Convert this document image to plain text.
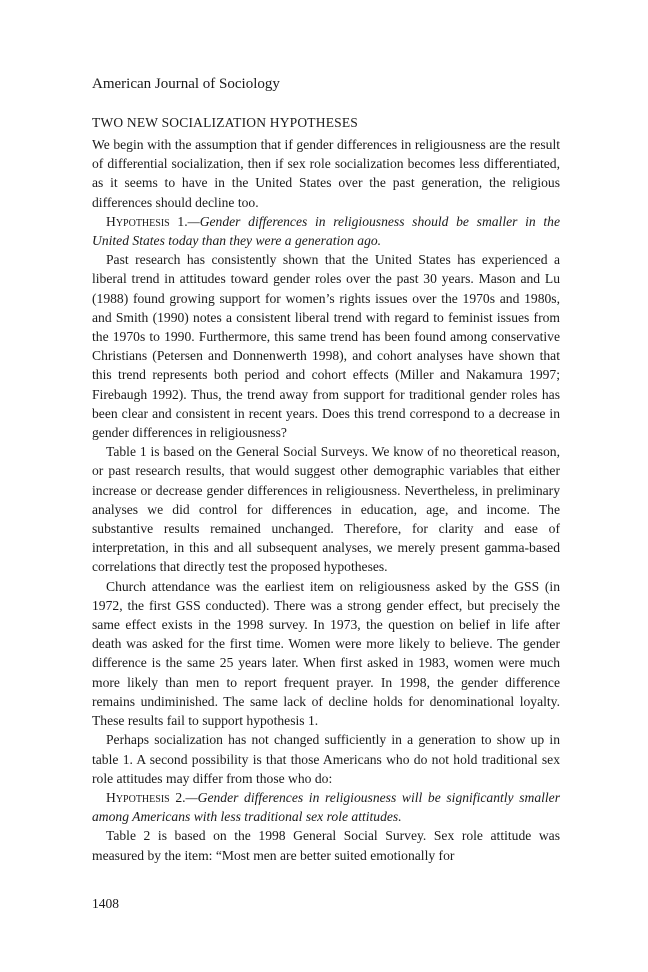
American Journal of Sociology
TWO NEW SOCIALIZATION HYPOTHESES

We begin with the assumption that if gender differences in religiousness are the result of differential socialization, then if sex role socialization becomes less differentiated, as it seems to have in the United States over the past generation, the religious differences should decline too.

Hypothesis 1.—Gender differences in religiousness should be smaller in the United States today than they were a generation ago.

Past research has consistently shown that the United States has experienced a liberal trend in attitudes toward gender roles over the past 30 years. Mason and Lu (1988) found growing support for women’s rights issues over the 1970s and 1980s, and Smith (1990) notes a consistent liberal trend with regard to feminist issues from the 1970s to 1990. Furthermore, this same trend has been found among conservative Christians (Petersen and Donnenwerth 1998), and cohort analyses have shown that this trend represents both period and cohort effects (Miller and Nakamura 1997; Firebaugh 1992). Thus, the trend away from support for traditional gender roles has been clear and consistent in recent years. Does this trend correspond to a decrease in gender differences in religiousness?

Table 1 is based on the General Social Surveys. We know of no theoretical reason, or past research results, that would suggest other demographic variables that either increase or decrease gender differences in religiousness. Nevertheless, in preliminary analyses we did control for differences in education, age, and income. The substantive results remained unchanged. Therefore, for clarity and ease of interpretation, in this and all subsequent analyses, we merely present gamma-based correlations that directly test the proposed hypotheses.

Church attendance was the earliest item on religiousness asked by the GSS (in 1972, the first GSS conducted). There was a strong gender effect, but precisely the same effect exists in the 1998 survey. In 1973, the question on belief in life after death was asked for the first time. Women were more likely to believe. The gender difference is the same 25 years later. When first asked in 1983, women were much more likely than men to report frequent prayer. In 1998, the gender difference remains undiminished. The same lack of decline holds for denominational loyalty. These results fail to support hypothesis 1.

Perhaps socialization has not changed sufficiently in a generation to show up in table 1. A second possibility is that those Americans who do not hold traditional sex role attitudes may differ from those who do:

Hypothesis 2.—Gender differences in religiousness will be significantly smaller among Americans with less traditional sex role attitudes.

Table 2 is based on the 1998 General Social Survey. Sex role attitude was measured by the item: “Most men are better suited emotionally for

1408
